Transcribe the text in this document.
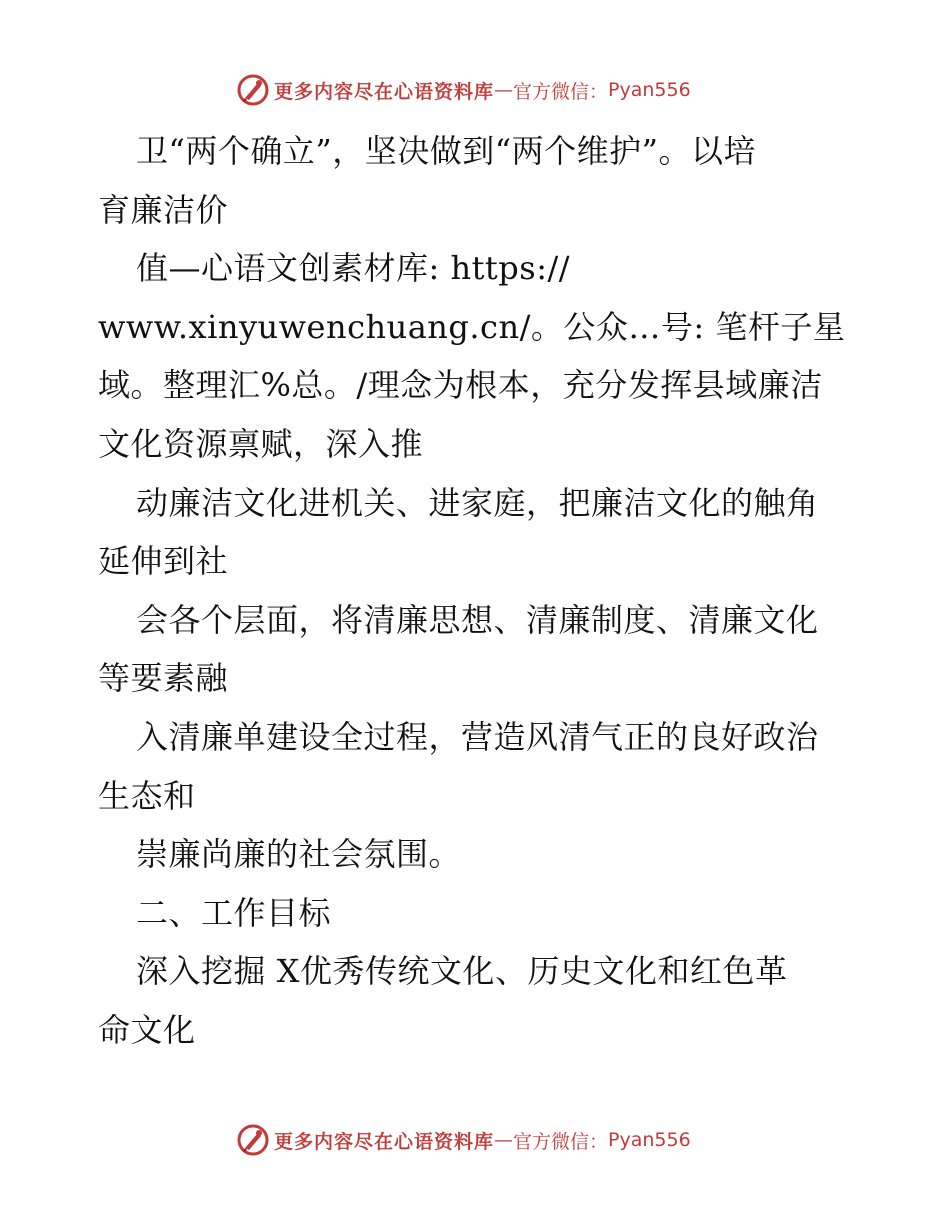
更多内容尽在心语资料库 — 官方微信： Pyan556
卫“两个确立”，坚决做到“两个维护”。以培
育廉洁价
值—心语文创素材库: https://
www.xinyuwenchuang.cn/。公众…号: 笔杆子星
域。整理汇%总。/理念为根本，充分发挥县域廉洁
文化资源禀赋，深入推
动廉洁文化进机关、进家庭，把廉洁文化的触角
延伸到社
会各个层面，将清廉思想、清廉制度、清廉文化
等要素融
入清廉单建设全过程，营造风清气正的良好政治
生态和
崇廉尚廉的社会氛围。
二、工作目标
深入挖掘 X优秀传统文化、历史文化和红色革
命文化
更多内容尽在心语资料库 — 官方微信： Pyan556
